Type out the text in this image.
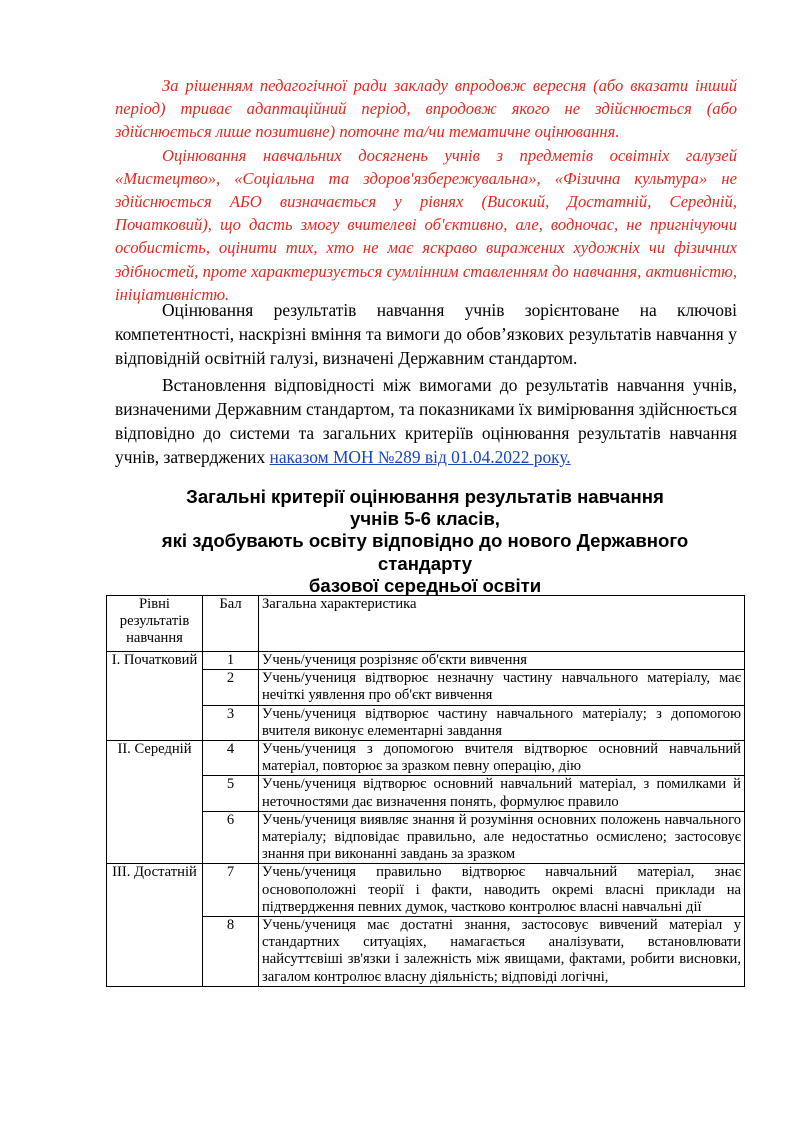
За рішенням педагогічної ради закладу впродовж вересня (або вказати інший період) триває адаптаційний період, впродовж якого не здійснюється (або здійснюється лише позитивне) поточне та/чи тематичне оцінювання.

Оцінювання навчальних досягнень учнів з предметів освітніх галузей «Мистецтво», «Соціальна та здоров'язбережувальна», «Фізична культура» не здійснюється АБО визначається у рівнях (Високий, Достатній, Середній, Початковий), що дасть змогу вчителеві об'єктивно, але, водночас, не пригнічуючи особистість, оцінити тих, хто не має яскраво виражених художніх чи фізичних здібностей, проте характеризується сумлінним ставленням до навчання, активністю, ініціативністю.

Оцінювання результатів навчання учнів зорієнтоване на ключові компетентності, наскрізні вміння та вимоги до обов’язкових результатів навчання у відповідній освітній галузі, визначені Державним стандартом.

Встановлення відповідності між вимогами до результатів навчання учнів, визначеними Державним стандартом, та показниками їх вимірювання здійснюється відповідно до системи та загальних критеріїв оцінювання результатів навчання учнів, затверджених наказом МОН №289 від 01.04.2022 року.

Загальні критерії оцінювання результатів навчання
учнів 5-6 класів,
які здобувають освіту відповідно до нового Державного
стандарту
базової середньої освіти
Рівні результатів навчання	Бал	Загальна характеристика
I. Початковий	1	Учень/учениця розрізняє об'єкти вивчення
	2	Учень/учениця відтворює незначну частину навчального матеріалу, має нечіткі уявлення про об'єкт вивчення
	3	Учень/учениця відтворює частину навчального матеріалу; з допомогою вчителя виконує елементарні завдання
II. Середній	4	Учень/учениця з допомогою вчителя відтворює основний навчальний матеріал, повторює за зразком певну операцію, дію
	5	Учень/учениця відтворює основний навчальний матеріал, з помилками й неточностями дає визначення понять, формулює правило
	6	Учень/учениця виявляє знання й розуміння основних положень навчального матеріалу; відповідає правильно, але недостатньо осмислено; застосовує знання при виконанні завдань за зразком
III. Достатній	7	Учень/учениця правильно відтворює навчальний матеріал, знає основоположні теорії і факти, наводить окремі власні приклади на підтвердження певних думок, частково контролює власні навчальні дії
	8	Учень/учениця має достатні знання, застосовує вивчений матеріал у стандартних ситуаціях, намагається аналізувати, встановлювати найсуттєвіші зв'язки і залежність між явищами, фактами, робити висновки, загалом контролює власну діяльність; відповіді логічні,
